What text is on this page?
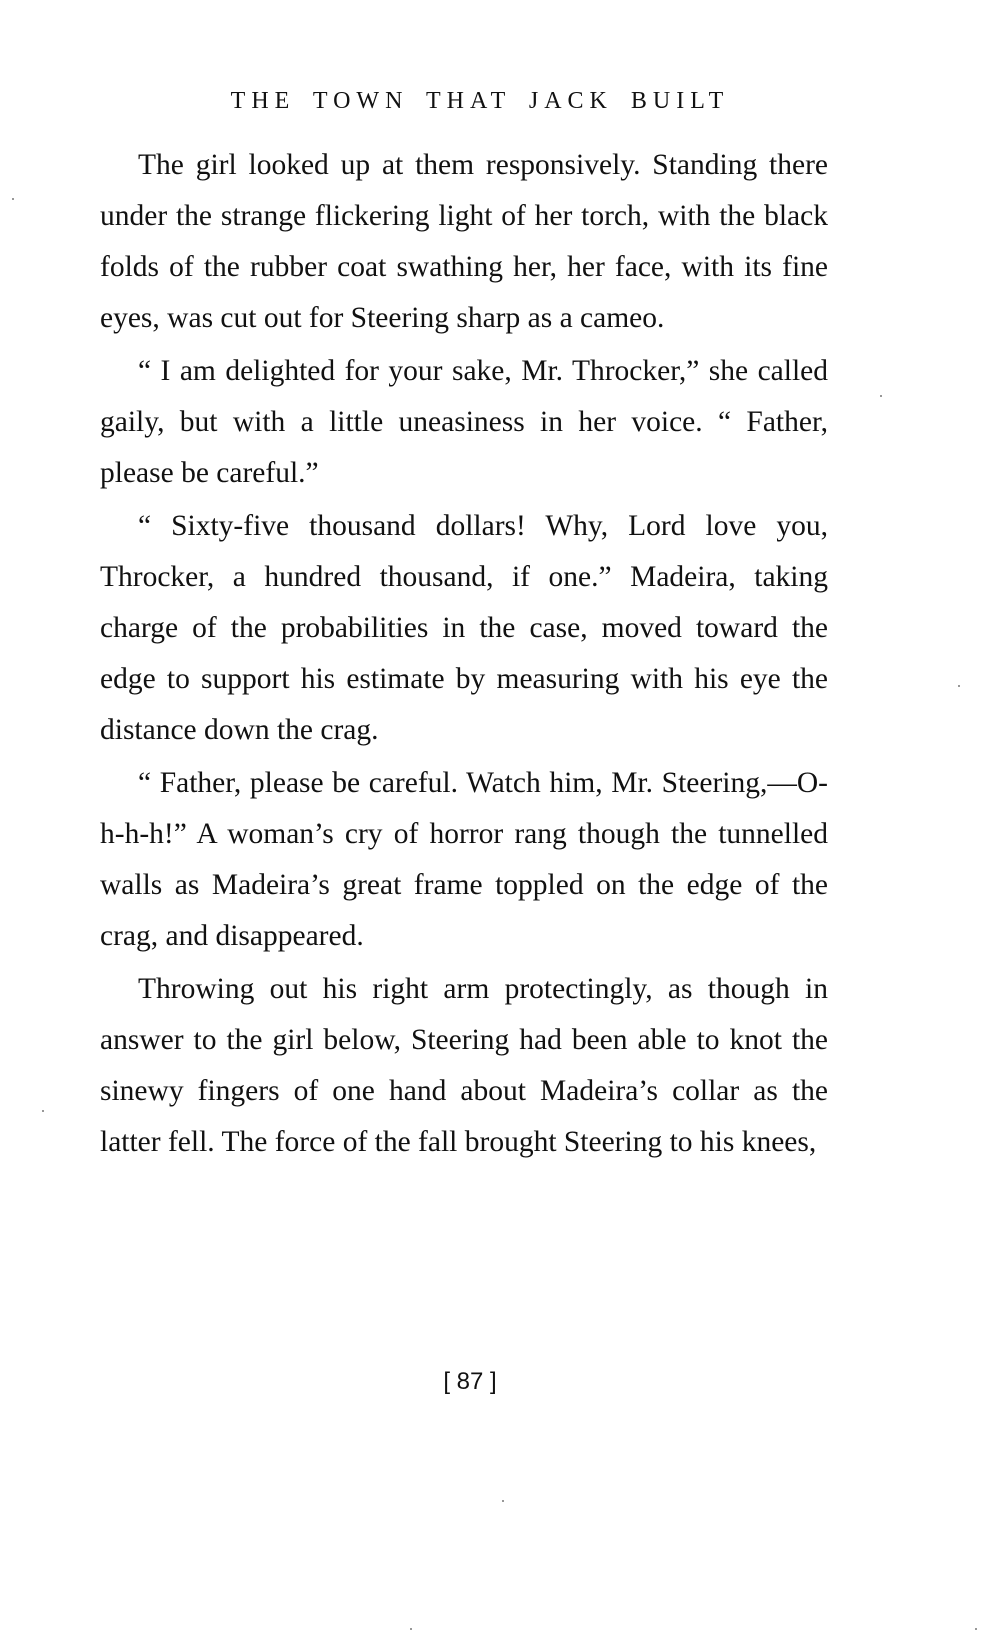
THE TOWN THAT JACK BUILT

The girl looked up at them responsively. Standing there under the strange flickering light of her torch, with the black folds of the rubber coat swathing her, her face, with its fine eyes, was cut out for Steering sharp as a cameo.

“ I am delighted for your sake, Mr. Throcker,” she called gaily, but with a little uneasiness in her voice. “ Father, please be careful.”

“ Sixty-five thousand dollars! Why, Lord love you, Throcker, a hundred thousand, if one.” Madeira, taking charge of the probabilities in the case, moved toward the edge to support his estimate by measuring with his eye the distance down the crag.

“ Father, please be careful. Watch him, Mr. Steering,—O-h-h-h!” A woman’s cry of horror rang though the tunnelled walls as Madeira’s great frame toppled on the edge of the crag, and disappeared.

Throwing out his right arm protectingly, as though in answer to the girl below, Steering had been able to knot the sinewy fingers of one hand about Madeira’s collar as the latter fell. The force of the fall brought Steering to his knees,

[ 87 ]
